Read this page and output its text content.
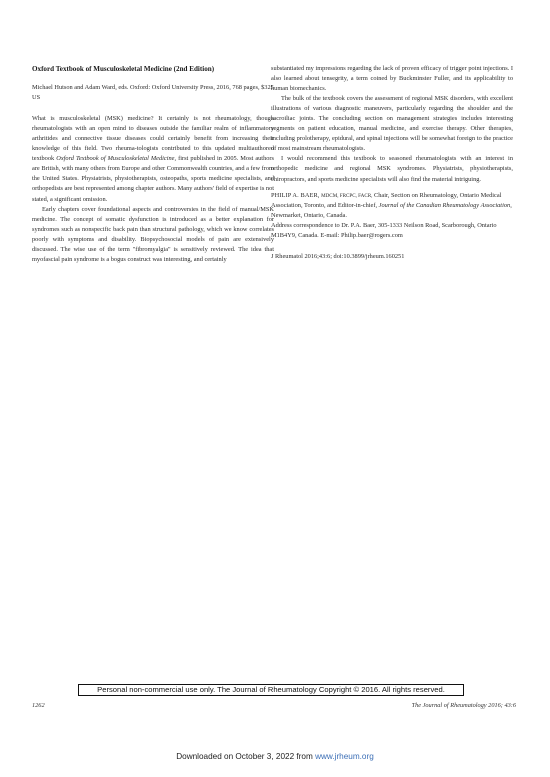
Oxford Textbook of Musculoskeletal Medicine (2nd Edition)

Michael Hutson and Adam Ward, eds. Oxford: Oxford University Press, 2016, 768 pages, $325 US

What is musculoskeletal (MSK) medicine? It certainly is not rheumatology, though rheumatologists with an open mind to diseases outside the familiar realm of inflammatory arthritides and connective tissue diseases could certainly benefit from increasing their knowledge of this field. Two rheuma-tologists contributed to this updated multiauthored textbook Oxford Textbook of Musculoskeletal Medicine, first published in 2005. Most authors are British, with many others from Europe and other Commonwealth countries, and a few from the United States. Physiatrists, physiotherapists, osteopaths, sports medicine specialists, and orthopedists are best represented among chapter authors. Many authors' field of expertise is not stated, a significant omission.

Early chapters cover foundational aspects and controversies in the field of manual/MSK medicine. The concept of somatic dysfunction is introduced as a better explanation for syndromes such as nonspecific back pain than structural pathology, which we know correlates poorly with symptoms and disability. Biopsychosocial models of pain are extensively discussed. The wise use of the term "fibromyalgia" is sensitively reviewed. The idea that myofascial pain syndrome is a bogus construct was interesting, and certainly

substantiated my impressions regarding the lack of proven efficacy of trigger point injections. I also learned about tensegrity, a term coined by Buckminster Fuller, and its applicability to human biomechanics.

The bulk of the textbook covers the assessment of regional MSK disorders, with excellent illustrations of various diagnostic maneuvers, particularly regarding the shoulder and the sacroiliac joints. The concluding section on management strategies includes interesting segments on patient education, manual medicine, and exercise therapy. Other therapies, including prolotherapy, epidural, and spinal injections will be somewhat foreign to the practice of most mainstream rheumatologists.

I would recommend this textbook to seasoned rheumatologists with an interest in orthopedic medicine and regional MSK syndromes. Physiatrists, physiotherapists, chiropractors, and sports medicine specialists will also find the material intriguing.

PHILIP A. BAER, MDCM, FRCPC, FACR, Chair, Section on Rheumatology, Ontario Medical Association, Toronto, and Editor-in-chief, Journal of the Canadian Rheumatology Association, Newmarket, Ontario, Canada.

Address correspondence to Dr. P.A. Baer, 305-1333 Neilson Road, Scarborough, Ontario M1B4Y9, Canada. E-mail: Philip.baer@rogers.com

J Rheumatol 2016;43:6; doi:10.3899/jrheum.160251

Personal non-commercial use only. The Journal of Rheumatology Copyright © 2016. All rights reserved.
1262	The Journal of Rheumatology 2016; 43:6
Downloaded on October 3, 2022 from www.jrheum.org
